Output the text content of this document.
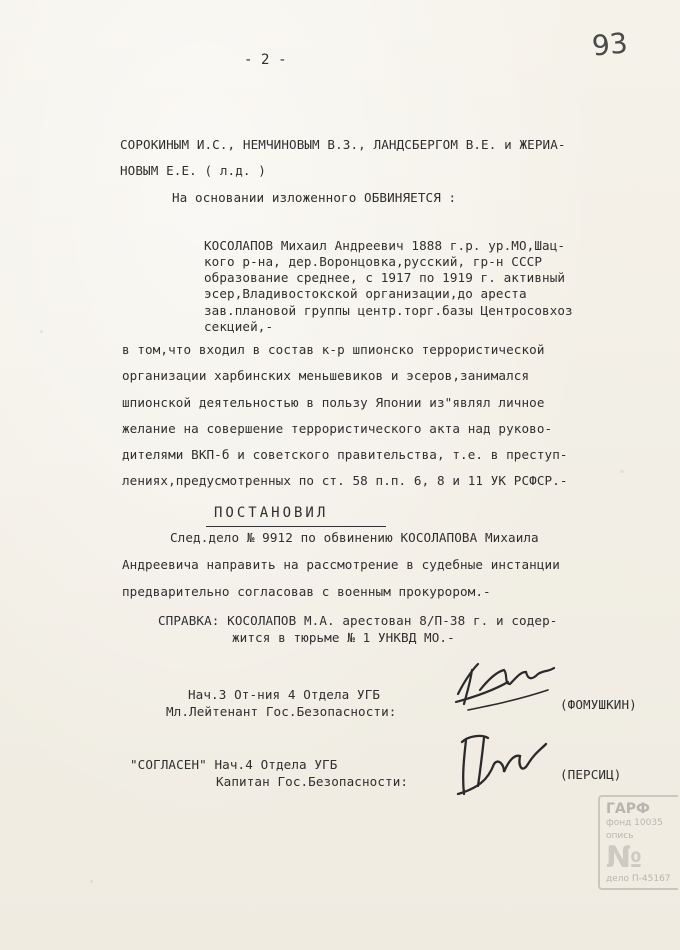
- 2 -	93
СОРОКИНЫМ И.С., НЕМЧИНОВЫМ В.З., ЛАНДСБЕРГОМ В.Е. и ЖЕРИА-
НОВЫМ Е.Е. ( л.д. )
На основании изложенного ОБВИНЯЕТСЯ :
КОСОЛАПОВ Михаил Андреевич 1888 г.р. ур.МО,Шац-
кого р-на, дер.Воронцовка,русский, гр-н СССР
образование среднее, с 1917 по 1919 г. активный
эсер,Владивостокской организации,до ареста
зав.плановой группы центр.торг.базы Центросовхоз
секцией,-
в том,что входил в состав к-р шпионско террористической
организации харбинских меньшевиков и эсеров,занимался
шпионской деятельностью в пользу Японии из"являл личное
желание на совершение террористического акта над руково-
дителями ВКП-б и советского правительства, т.е. в преступ-
лениях,предусмотренных по ст. 58 п.п. 6, 8 и 11 УК РСФСР.-
ПОСТАНОВИЛ
След.дело № 9912 по обвинению КОСОЛАПОВА Михаила
Андреевича направить на рассмотрение в судебные инстанции
предварительно согласовав с военным прокурором.-
СПРАВКА: КОСОЛАПОВ М.А. арестован 8/П-38 г. и содер-
жится в тюрьме № 1 УНКВД МО.-
Нач.3 От-ния 4 Отдела УГБ
Мл.Лейтенант Гос.Безопасности:	(ФОМУШКИН)
"СОГЛАСЕН" Нач.4 Отдела УГБ
Капитан Гос.Безопасности:	(ПЕРСИЦ)
ГАРФ
фонд 10035
опись
№
дело П-45167
